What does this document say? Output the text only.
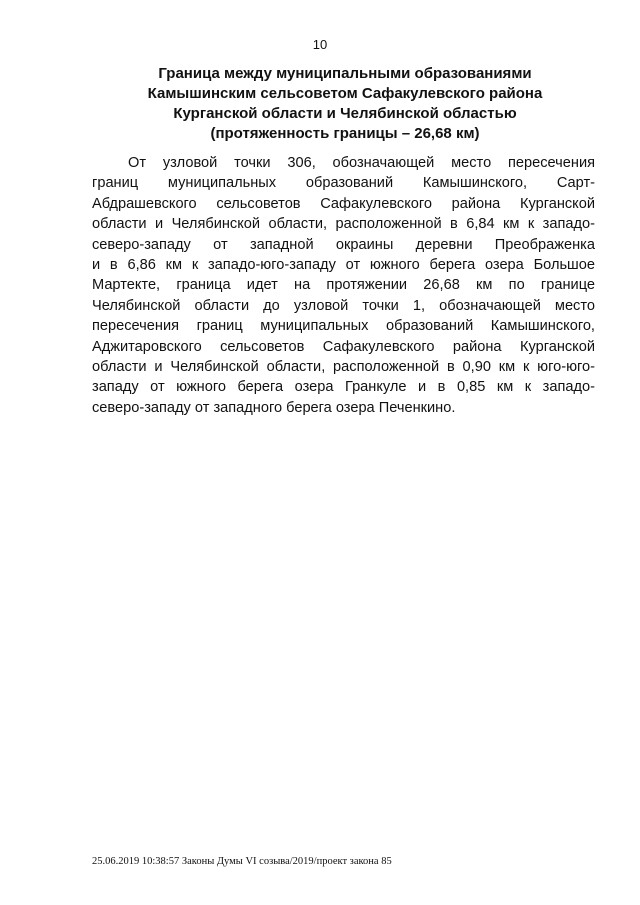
10
Граница между муниципальными образованиями
Камышинским сельсоветом Сафакулевского района
Курганской области и Челябинской областью
(протяженность границы – 26,68 км)
От узловой точки 306, обозначающей место пересечения
границ муниципальных образований Камышинского, Сарт-
Абдрашевского сельсоветов Сафакулевского района Курганской
области и Челябинской области, расположенной в 6,84 км к западо-
северо-западу от западной окраины деревни Преображенка
и в 6,86 км к западо-юго-западу от южного берега озера Большое
Мартекте, граница идет на протяжении 26,68 км по границе
Челябинской области до узловой точки 1, обозначающей место
пересечения границ муниципальных образований Камышинского,
Аджитаровского сельсоветов Сафакулевского района Курганской
области и Челябинской области, расположенной в 0,90 км к юго-юго-
западу от южного берега озера Гранкуле и в 0,85 км к западо-
северо-западу от западного берега озера Печенкино.
25.06.2019 10:38:57 Законы Думы VI созыва/2019/проект закона 85
